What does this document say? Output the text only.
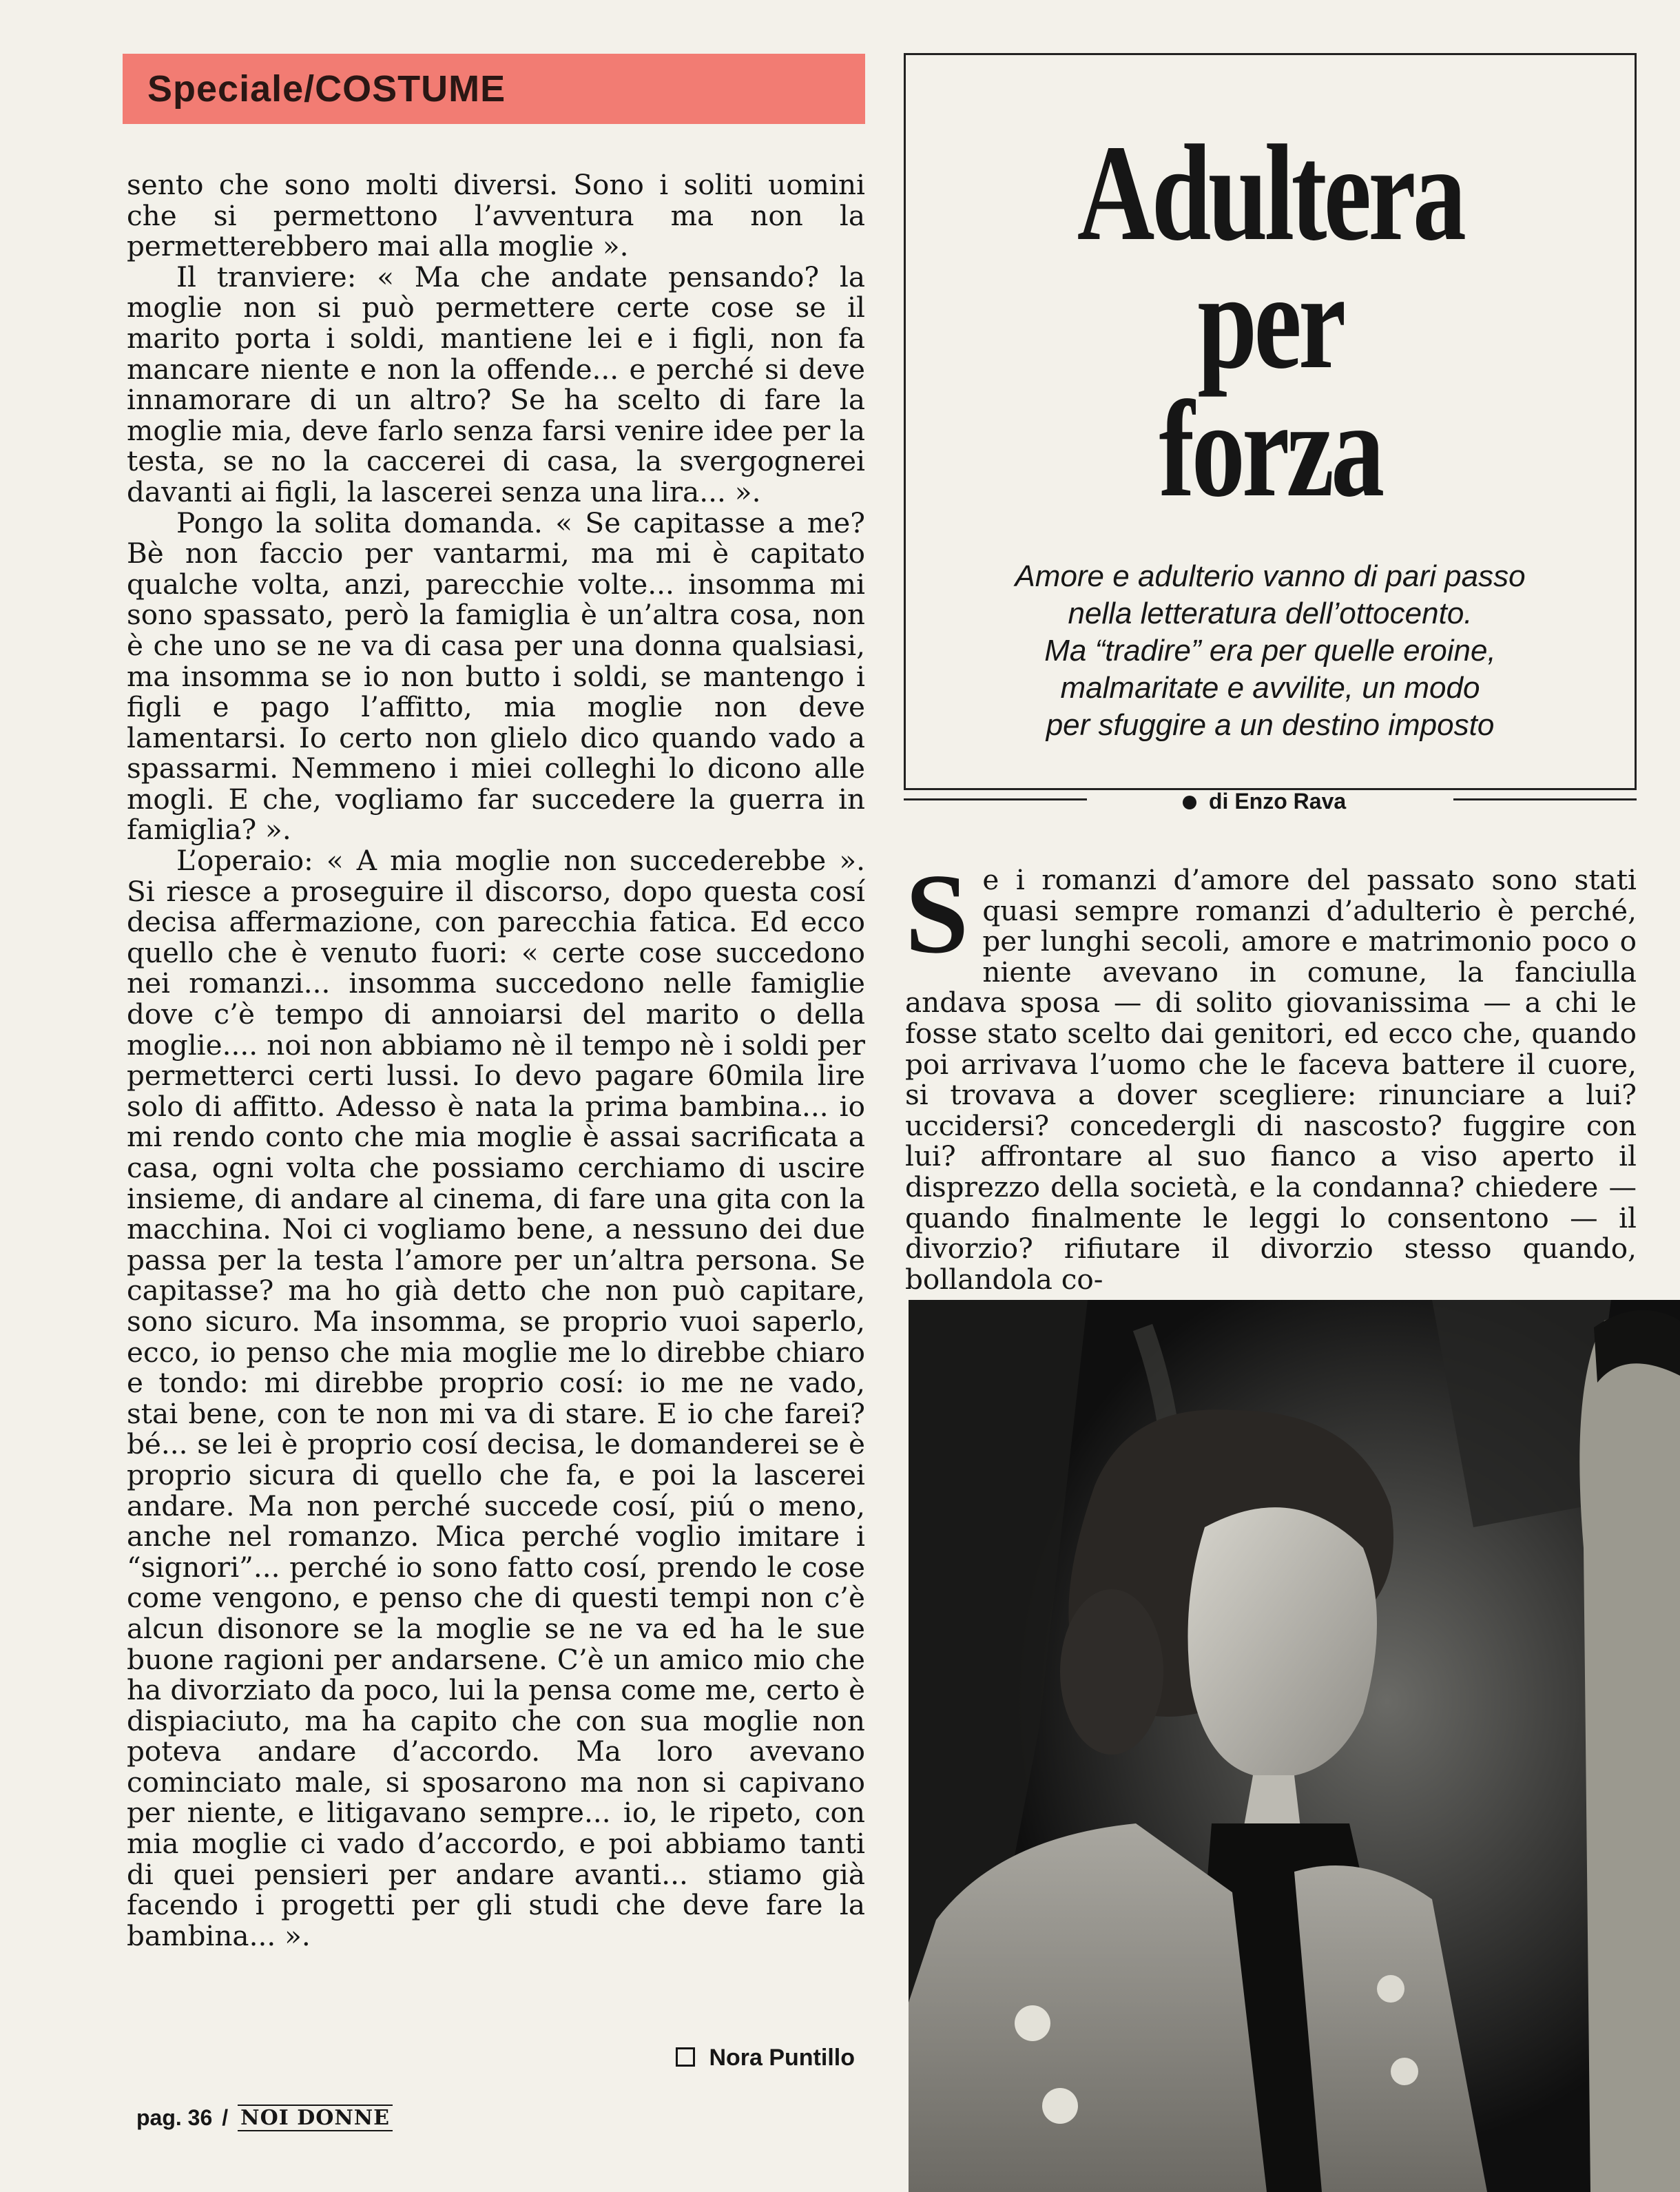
Speciale/COSTUME

sento che sono molti diversi. Sono i soliti uomini che si permettono l’avventura ma non la permetterebbero mai alla moglie ».

Il tranviere: « Ma che andate pensando? la moglie non si può permettere certe cose se il marito porta i soldi, mantiene lei e i figli, non fa mancare niente e non la offende... e perché si deve innamorare di un altro? Se ha scelto di fare la moglie mia, deve farlo senza farsi venire idee per la testa, se no la caccerei di casa, la svergognerei davanti ai figli, la lascerei senza una lira... ».

Pongo la solita domanda. « Se capitasse a me? Bè non faccio per vantarmi, ma mi è capitato qualche volta, anzi, parecchie volte... insomma mi sono spassato, però la famiglia è un’altra cosa, non è che uno se ne va di casa per una donna qualsiasi, ma insomma se io non butto i soldi, se mantengo i figli e pago l’affitto, mia moglie non deve lamentarsi. Io certo non glielo dico quando vado a spassarmi. Nemmeno i miei colleghi lo dicono alle mogli. E che, vogliamo far succedere la guerra in famiglia? ».

L’operaio: « A mia moglie non succederebbe ». Si riesce a proseguire il discorso, dopo questa cosí decisa affermazione, con parecchia fatica. Ed ecco quello che è venuto fuori: « certe cose succedono nei romanzi... insomma succedono nelle famiglie dove c’è tempo di annoiarsi del marito o della moglie.... noi non abbiamo nè il tempo nè i soldi per permetterci certi lussi. Io devo pagare 60mila lire solo di affitto. Adesso è nata la prima bambina... io mi rendo conto che mia moglie è assai sacrificata a casa, ogni volta che possiamo cerchiamo di uscire insieme, di andare al cinema, di fare una gita con la macchina. Noi ci vogliamo bene, a nessuno dei due passa per la testa l’amore per un’altra persona. Se capitasse? ma ho già detto che non può capitare, sono sicuro. Ma insomma, se proprio vuoi saperlo, ecco, io penso che mia moglie me lo direbbe chiaro e tondo: mi direbbe proprio cosí: io me ne vado, stai bene, con te non mi va di stare. E io che farei? bé... se lei è proprio cosí decisa, le domanderei se è proprio sicura di quello che fa, e poi la lascerei andare. Ma non perché succede cosí, piú o meno, anche nel romanzo. Mica perché voglio imitare i “signori”... perché io sono fatto cosí, prendo le cose come vengono, e penso che di questi tempi non c’è alcun disonore se la moglie se ne va ed ha le sue buone ragioni per andarsene. C’è un amico mio che ha divorziato da poco, lui la pensa come me, certo è dispiaciuto, ma ha capito che con sua moglie non poteva andare d’accordo. Ma loro avevano cominciato male, si sposarono ma non si capivano per niente, e litigavano sempre... io, le ripeto, con mia moglie ci vado d’accordo, e poi abbiamo tanti di quei pensieri per andare avanti... stiamo già facendo i progetti per gli studi che deve fare la bambina... ».

Nora Puntillo
pag. 36 / NOI DONNE
Adultera
per
forza
Amore e adulterio vanno di pari passo
nella letteratura dell’ottocento.
Ma “tradire” era per quelle eroine,
malmaritate e avvilite, un modo
per sfuggire a un destino imposto
di Enzo Rava
S e i romanzi d’amore del passato sono stati quasi sempre romanzi d’adulterio è perché, per lunghi secoli, amore e matrimonio poco o niente avevano in comune, la fanciulla andava sposa — di solito giovanissima — a chi le fosse stato scelto dai genitori, ed ecco che, quando poi arrivava l’uomo che le faceva battere il cuore, si trovava a dover scegliere: rinunciare a lui? uccidersi? concedergli di nascosto? fuggire con lui? affrontare al suo fianco a viso aperto il disprezzo della società, e la condanna? chiedere — quando finalmente le leggi lo consentono — il divorzio? rifiutare il divorzio stesso quando, bollandola co-
